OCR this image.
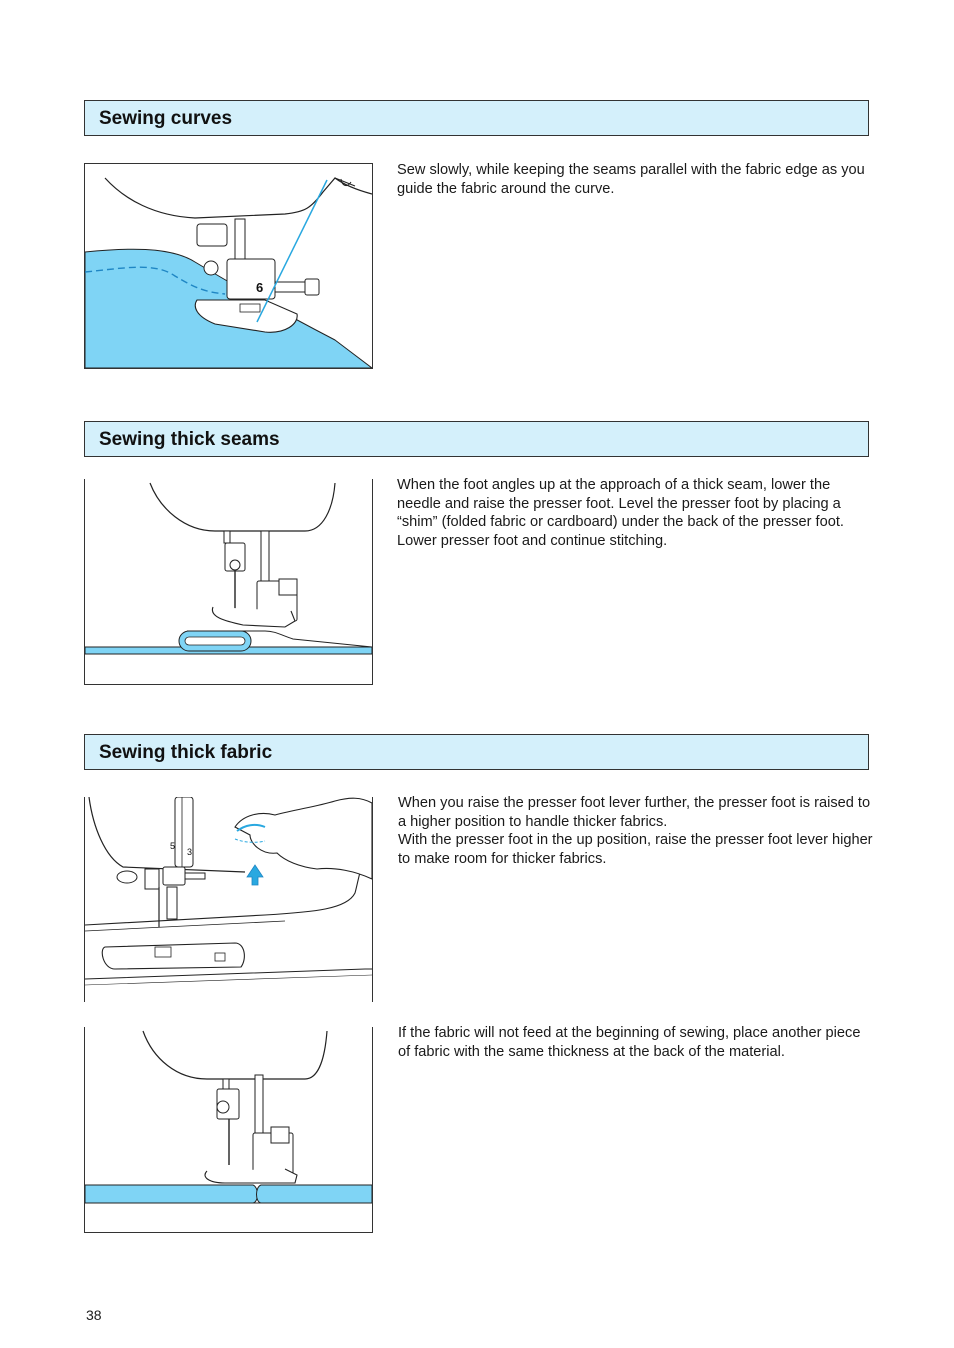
Sewing curves
6

Sew slowly, while keeping the seams parallel with the fabric edge as you guide the fabric around the curve.

Sewing thick seams

When the foot angles up at the approach of a thick seam, lower the needle and raise the presser foot. Level the presser foot by placing a “shim” (folded fabric or cardboard) under the back of the presser foot. Lower presser foot and continue stitching.

Sewing thick fabric
5
3

When you raise the presser foot lever further, the presser foot is raised to a higher position to handle thicker fabrics.

With the presser foot in the up position, raise the presser foot lever higher to make room for thicker fabrics.

If the fabric will not feed at the beginning of sewing, place another piece of fabric with the same thickness at the back of the material.

38
